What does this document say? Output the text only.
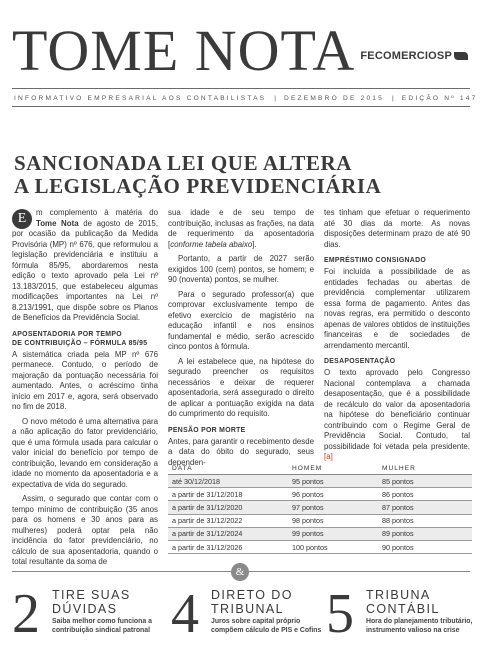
TOME NOTA FECOMERCIO SP
INFORMATIVO EMPRESARIAL AOS CONTABILISTAS | DEZEMBRO DE 2015 | EDIÇÃO Nº 147
SANCIONADA LEI QUE ALTERA
A LEGISLAÇÃO PREVIDENCIÁRIA

E	m complemento à matéria do Tome Nota de agosto de 2015, por ocasião da publicação da Medida Provisória (MP) nº 676, que reformulou a legislação previdenciária e instituiu a fórmula 85/95, abordaremos nesta edição o texto aprovado pela Lei nº 13.183/2015, que estabeleceu algumas modificações importantes na Lei nº 8.213/1991, que dispõe sobre os Planos de Benefícios da Previdência Social.

APOSENTADORIA POR TEMPO
DE CONTRIBUIÇÃO – FÓRMULA 85/95

A sistemática criada pela MP nº 676 permanece. Contudo, o período de majoração da pontuação necessária foi aumentado. Antes, o acréscimo tinha início em 2017 e, agora, será observado no fim de 2018.

O novo método é uma alternativa para a não aplicação do fator previdenciário, que é uma fórmula usada para calcular o valor inicial do benefício por tempo de contribuição, levando em consideração a idade no momento da aposentadoria e a expectativa de vida do segurado.

Assim, o segurado que contar com o tempo mínimo de contribuição (35 anos para os homens e 30 anos para as mulheres) poderá optar pela não incidência do fator previdenciário, no cálculo de sua aposentadoria, quando o total resultante da soma de

sua idade e de seu tempo de contribuição, inclusas as frações, na data de requerimento da aposentadoria [conforme tabela abaixo].

Portanto, a partir de 2027 serão exigidos 100 (cem) pontos, se homem; e 90 (noventa) pontos, se mulher.

Para o segurado professor(a) que comprovar exclusivamente tempo de efetivo exercício de magistério na educação infantil e nos ensinos fundamental e médio, serão acrescido cinco pontos à fórmula.

A lei estabelece que, na hipótese do segurado preencher os requisitos necessários e deixar de requerer aposentadoria, será assegurado o direito de aplicar a pontuação exigida na data do cumprimento do requisito.

PENSÃO POR MORTE

Antes, para garantir o recebimento desde a data do óbito do segurado, seus dependen-

tes tinham que efetuar o requerimento até 30 dias da morte. As novas disposições determinam prazo de até 90 dias.

EMPRÉSTIMO CONSIGNADO

Foi incluída a possibilidade de as entidades fechadas ou abertas de previdência complementar utilizarem essa forma de pagamento. Antes das novas regras, era permitido o desconto apenas de valores obtidos de instituições financeiras e de sociedades de arrendamento mercantil.

DESAPOSENTAÇÃO

O texto aprovado pelo Congresso Nacional contemplava a chamada desaposentação, que é a possibilidade de recálculo do valor da aposentadoria na hipótese do beneficiário continuar contribuindo com o Regime Geral de Previdência Social. Contudo, tal possibilidade foi vetada pela presidente. [a]

DATA	HOMEM	MULHER
até 30/12/2018	95 pontos	85 pontos
a partir de 31/12/2018	96 pontos	86 pontos
a partir de 31/12/2020	97 pontos	87 pontos
a partir de 31/12/2022	98 pontos	88 pontos
a partir de 31/12/2024	99 pontos	89 pontos
a partir de 31/12/2026	100 pontos	90 pontos
&
2 TIRE SUAS
DÚVIDAS
Saiba melhor como funciona a contribuição sindical patronal 4 DIRETO DO
TRIBUNAL
Juros sobre capital próprio compõem cálculo de PIS e Cofins 5 TRIBUNA
CONTÁBIL
Hora do planejamento tributário, instrumento valioso na crise
